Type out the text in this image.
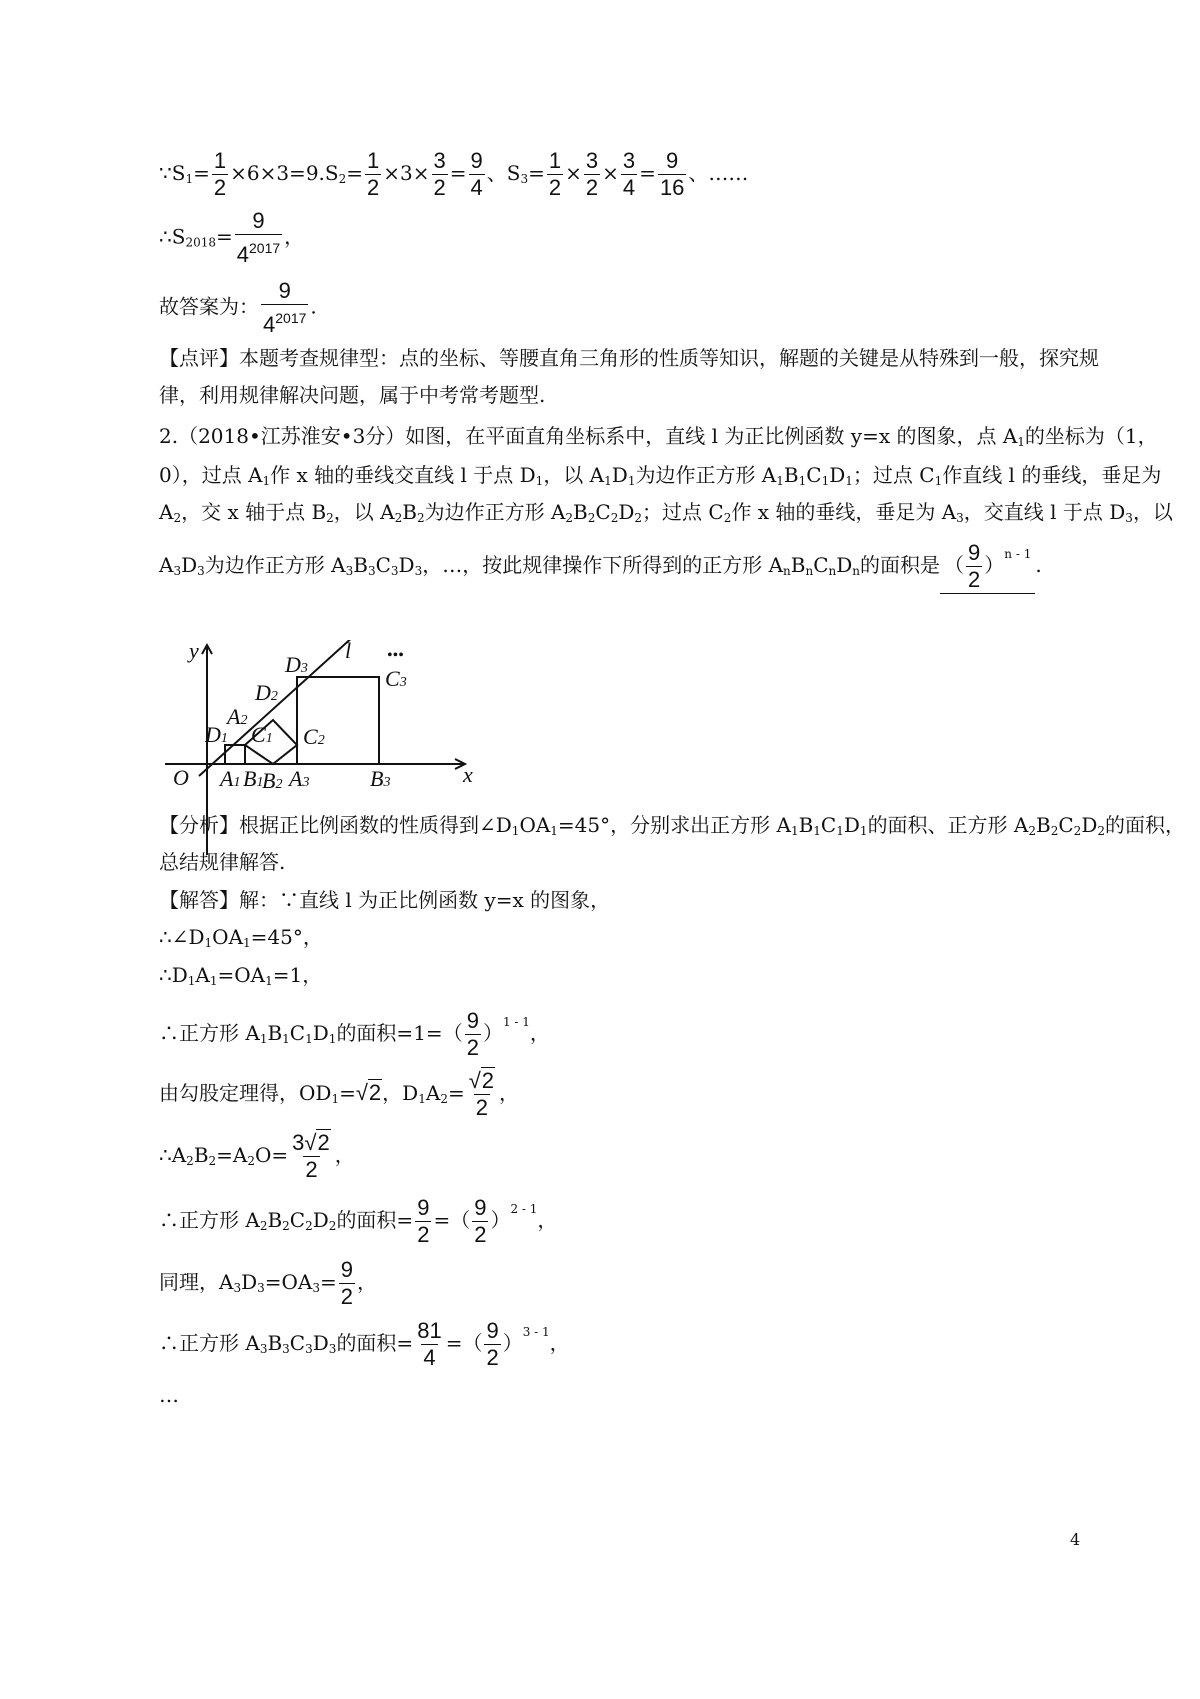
$\because S_1= \frac{1}{2} \times 6\times 3=9.S_2= \frac{1}{2} \times 3\times \frac{3}{2} = \frac{9}{4}$ 、$S_3= \frac{1}{2} \times \frac{3}{2} \times \frac{3}{4} = \frac{9}{16}$ 、……
$\therefore S_{2018}= \frac{9}{4^{2017}}$ ，
故答案为： $\frac{9}{4^{2017}}$ .
【点评】本题考查规律型：点的坐标、等腰直角三角形的性质等知识，解题的关键是从特殊到一般，探究规
律，利用规律解决问题，属于中考常考题型.
2.（2018•江苏淮安•3分）如图，在平面直角坐标系中，直线 l 为正比例函数 y=x 的图象，点 $A_1$的坐标为（1，
0），过点 $A_1$作 x 轴的垂线交直线 l 于点 $D_1$，以 $A_1D_1$为边作正方形 $A_1B_1C_1D_1$；过点 $C_1$作直线 l 的垂线，垂足为
$A_2$，交 x 轴于点 $B_2$，以 $A_2B_2$为边作正方形 $A_2B_2C_2D_2$；过点 $C_2$作 x 轴的垂线，垂足为 $A_3$，交直线 l 于点 $D_3$，以
$A_3D_3$为边作正方形 $A_3B_3C_3D_3$，…，按此规律操作下所得到的正方形 $A_nB_nC_nD_n$的面积是 （ $\frac{9}{2} )^{n - 1}$ .
y	l •••
D3	C3
D2
A2
D1 C1 C2
O A1 B1
B2 A3	B3	x
【分析】根据正比例函数的性质得到$\angle D_1OA_1=45^\circ$，分别求出正方形 $A_1B_1C_1D_1$的面积、正方形 $A_2B_2C_2D_2$的面积，
总结规律解答.
【解答】解：∵直线 l 为正比例函数 y=x 的图象，
$\therefore\angle D_1OA_1=45^\circ$，
$\therefore D_1A_1=OA_1=1$，
∴正方形 $A_1B_1C_1D_1$的面积$=1=( \frac{9}{2} )^{1 - 1}$，
由勾股定理得，$OD_1=√2$，$D_1A_2= \frac{√2}{2}$ ，
$\therefore A_2B_2=A_2O= \frac{3√2}{2}$ ，
∴正方形 $A_2B_2C_2D_2$的面积= $\frac{9}{2}$ =（ $\frac{9}{2} )^{2 - 1}$，
同理，$A_3D_3=OA_3= \frac{9}{2}$ ，
∴正方形 $A_3B_3C_3D_3$的面积= $\frac{81}{4}$ =（ $\frac{9}{2} )^{3 - 1}$，
…
4
